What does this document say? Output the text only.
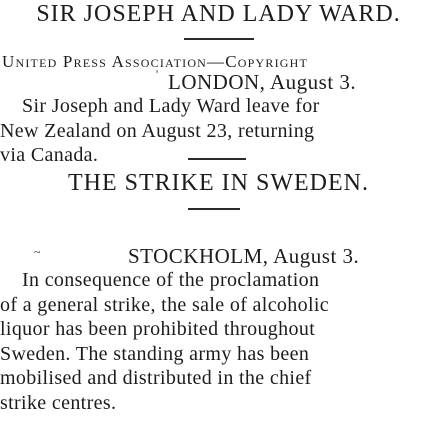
SIR JOSEPH AND LADY WARD.
United Press Association—Copyright
' LONDON, August 3.
Sir Joseph and Lady Ward leave for
New Zealand on August 23, returning
via Canada.
THE STRIKE IN SWEDEN.
~	STOCKHOLM, August 3.
In consequence of the proclamation
of a general strike, the sale of alcoholic
liquor has been prohibited throughout
Sweden. The standing army has been
mobilised and distributed in the chief
strike centres.
